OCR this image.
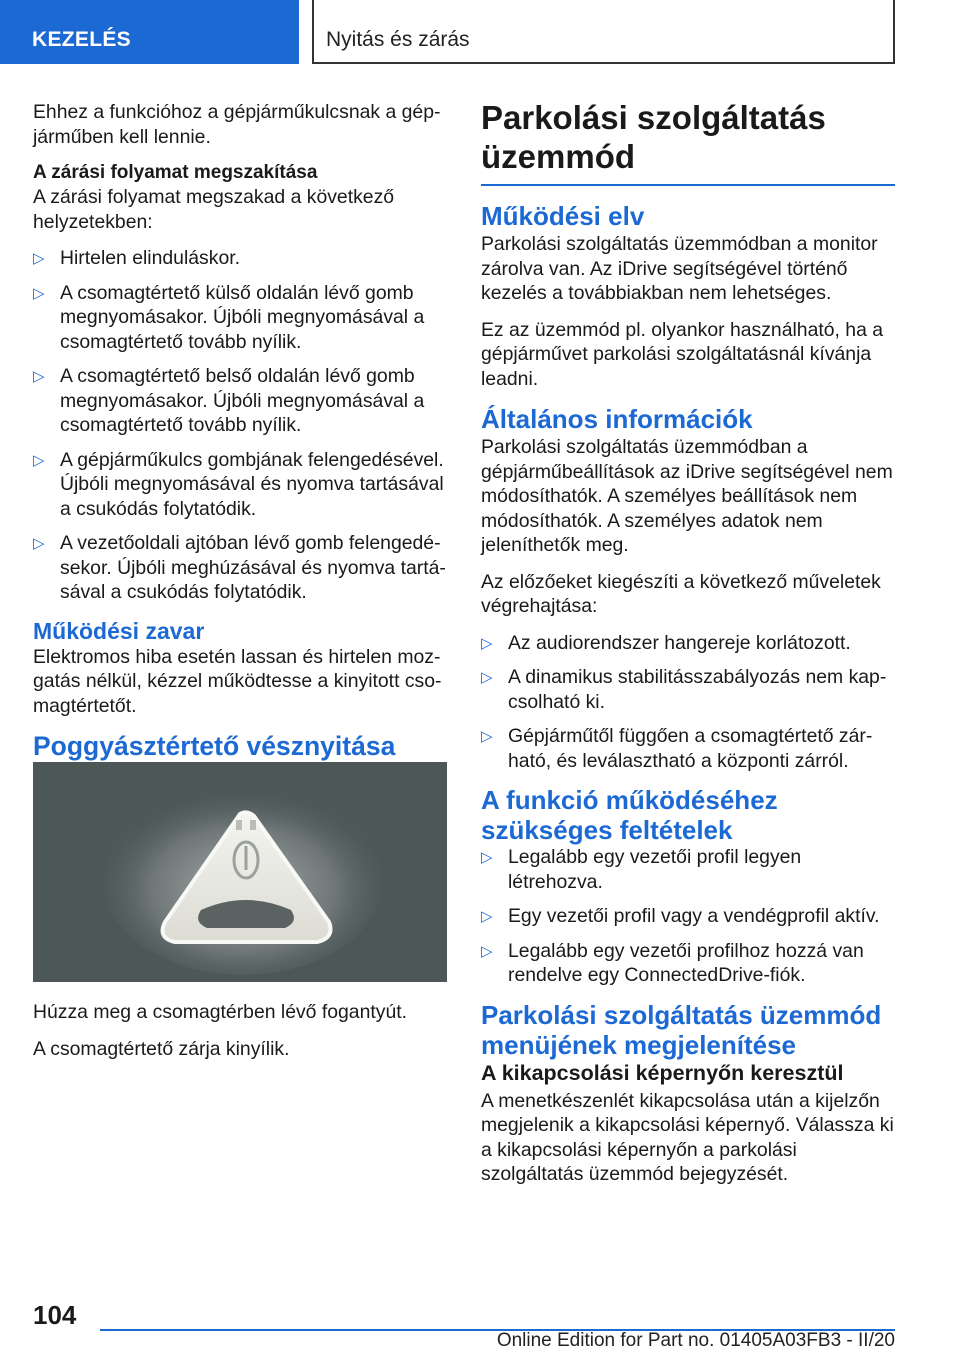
KEZELÉS	Nyitás és zárás

Ehhez a funkcióhoz a gépjárműkulcsnak a gépjárműben kell lennie.

A zárási folyamat megszakítása

A zárási folyamat megszakad a következő helyzetekben:

▷ Hirtelen elinduláskor.
▷ A csomagtértető külső oldalán lévő gomb megnyomásakor. Újbóli megnyomásával a csomagtértető tovább nyílik.
▷ A csomagtértető belső oldalán lévő gomb megnyomásakor. Újbóli megnyomásával a csomagtértető tovább nyílik.
▷ A gépjárműkulcs gombjának felengedésével. Újbóli megnyomásával és nyomva tartásával a csukódás folytatódik.
▷ A vezetőoldali ajtóban lévő gomb felengedésekor. Újbóli meghúzásával és nyomva tartásával a csukódás folytatódik.
Működési zavar

Elektromos hiba esetén lassan és hirtelen mozgatás nélkül, kézzel működtesse a kinyitott csomagtértetőt.

Poggyásztértető vésznyitása

Húzza meg a csomagtérben lévő fogantyút.

A csomagtértető zárja kinyílik.

Parkolási szolgáltatás üzemmód
Működési elv

Parkolási szolgáltatás üzemmódban a monitor zárolva van. Az iDrive segítségével történő kezelés a továbbiakban nem lehetséges.

Ez az üzemmód pl. olyankor használható, ha a gépjárművet parkolási szolgáltatásnál kívánja leadni.

Általános információk

Parkolási szolgáltatás üzemmódban a gépjárműbeállítások az iDrive segítségével nem módosíthatók. A személyes beállítások nem módosíthatók. A személyes adatok nem jeleníthetők meg.

Az előzőeket kiegészíti a következő műveletek végrehajtása:

▷ Az audiorendszer hangereje korlátozott.
▷ A dinamikus stabilitásszabályozás nem kapcsolható ki.
▷ Gépjárműtől függően a csomagtértető zárható, és leválasztható a központi zárról.
A funkció működéséhez szükséges feltételek
▷ Legalább egy vezetői profil legyen létrehozva.
▷ Egy vezetői profil vagy a vendégprofil aktív.
▷ Legalább egy vezetői profilhoz hozzá van rendelve egy ConnectedDrive-fiók.
Parkolási szolgáltatás üzemmód menüjének megjelenítése
A kikapcsolási képernyőn keresztül

A menetkészenlét kikapcsolása után a kijelzőn megjelenik a kikapcsolási képernyő. Válassza ki a kikapcsolási képernyőn a parkolási szolgáltatás üzemmód bejegyzését.

104
Online Edition for Part no. 01405A03FB3 - II/20
